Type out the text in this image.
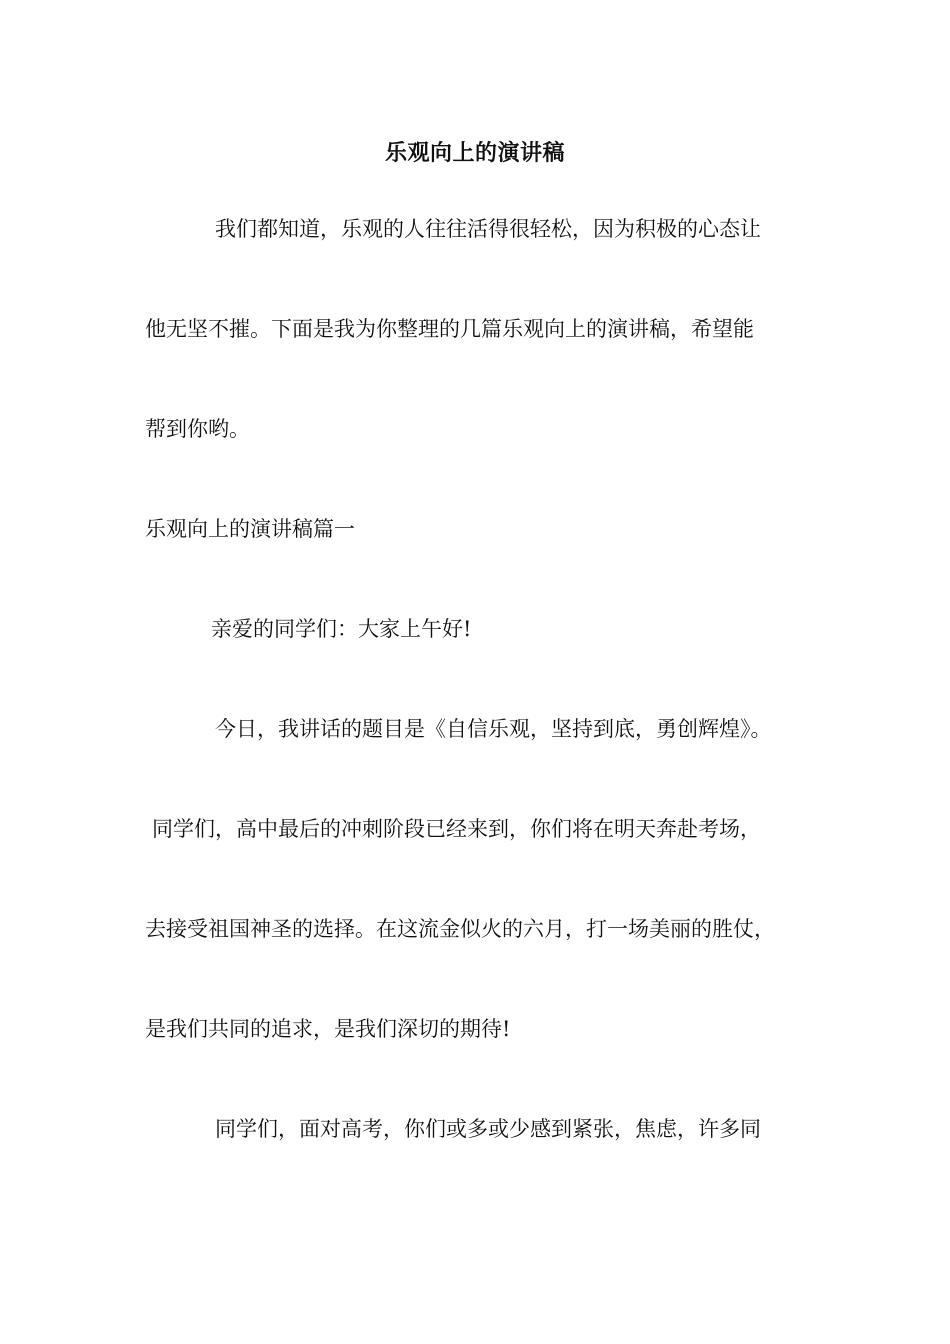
乐观向上的演讲稿
我们都知道，乐观的人往往活得很轻松，因为积极的心态让
他无坚不摧。下面是我为你整理的几篇乐观向上的演讲稿，希望能
帮到你哟。
乐观向上的演讲稿篇一
亲爱的同学们：大家上午好!
今日，我讲话的题目是《自信乐观，坚持到底，勇创辉煌》。
同学们，高中最后的冲刺阶段已经来到，你们将在明天奔赴考场，
去接受祖国神圣的选择。在这流金似火的六月，打一场美丽的胜仗，
是我们共同的追求，是我们深切的期待!
同学们，面对高考，你们或多或少感到紧张，焦虑，许多同
